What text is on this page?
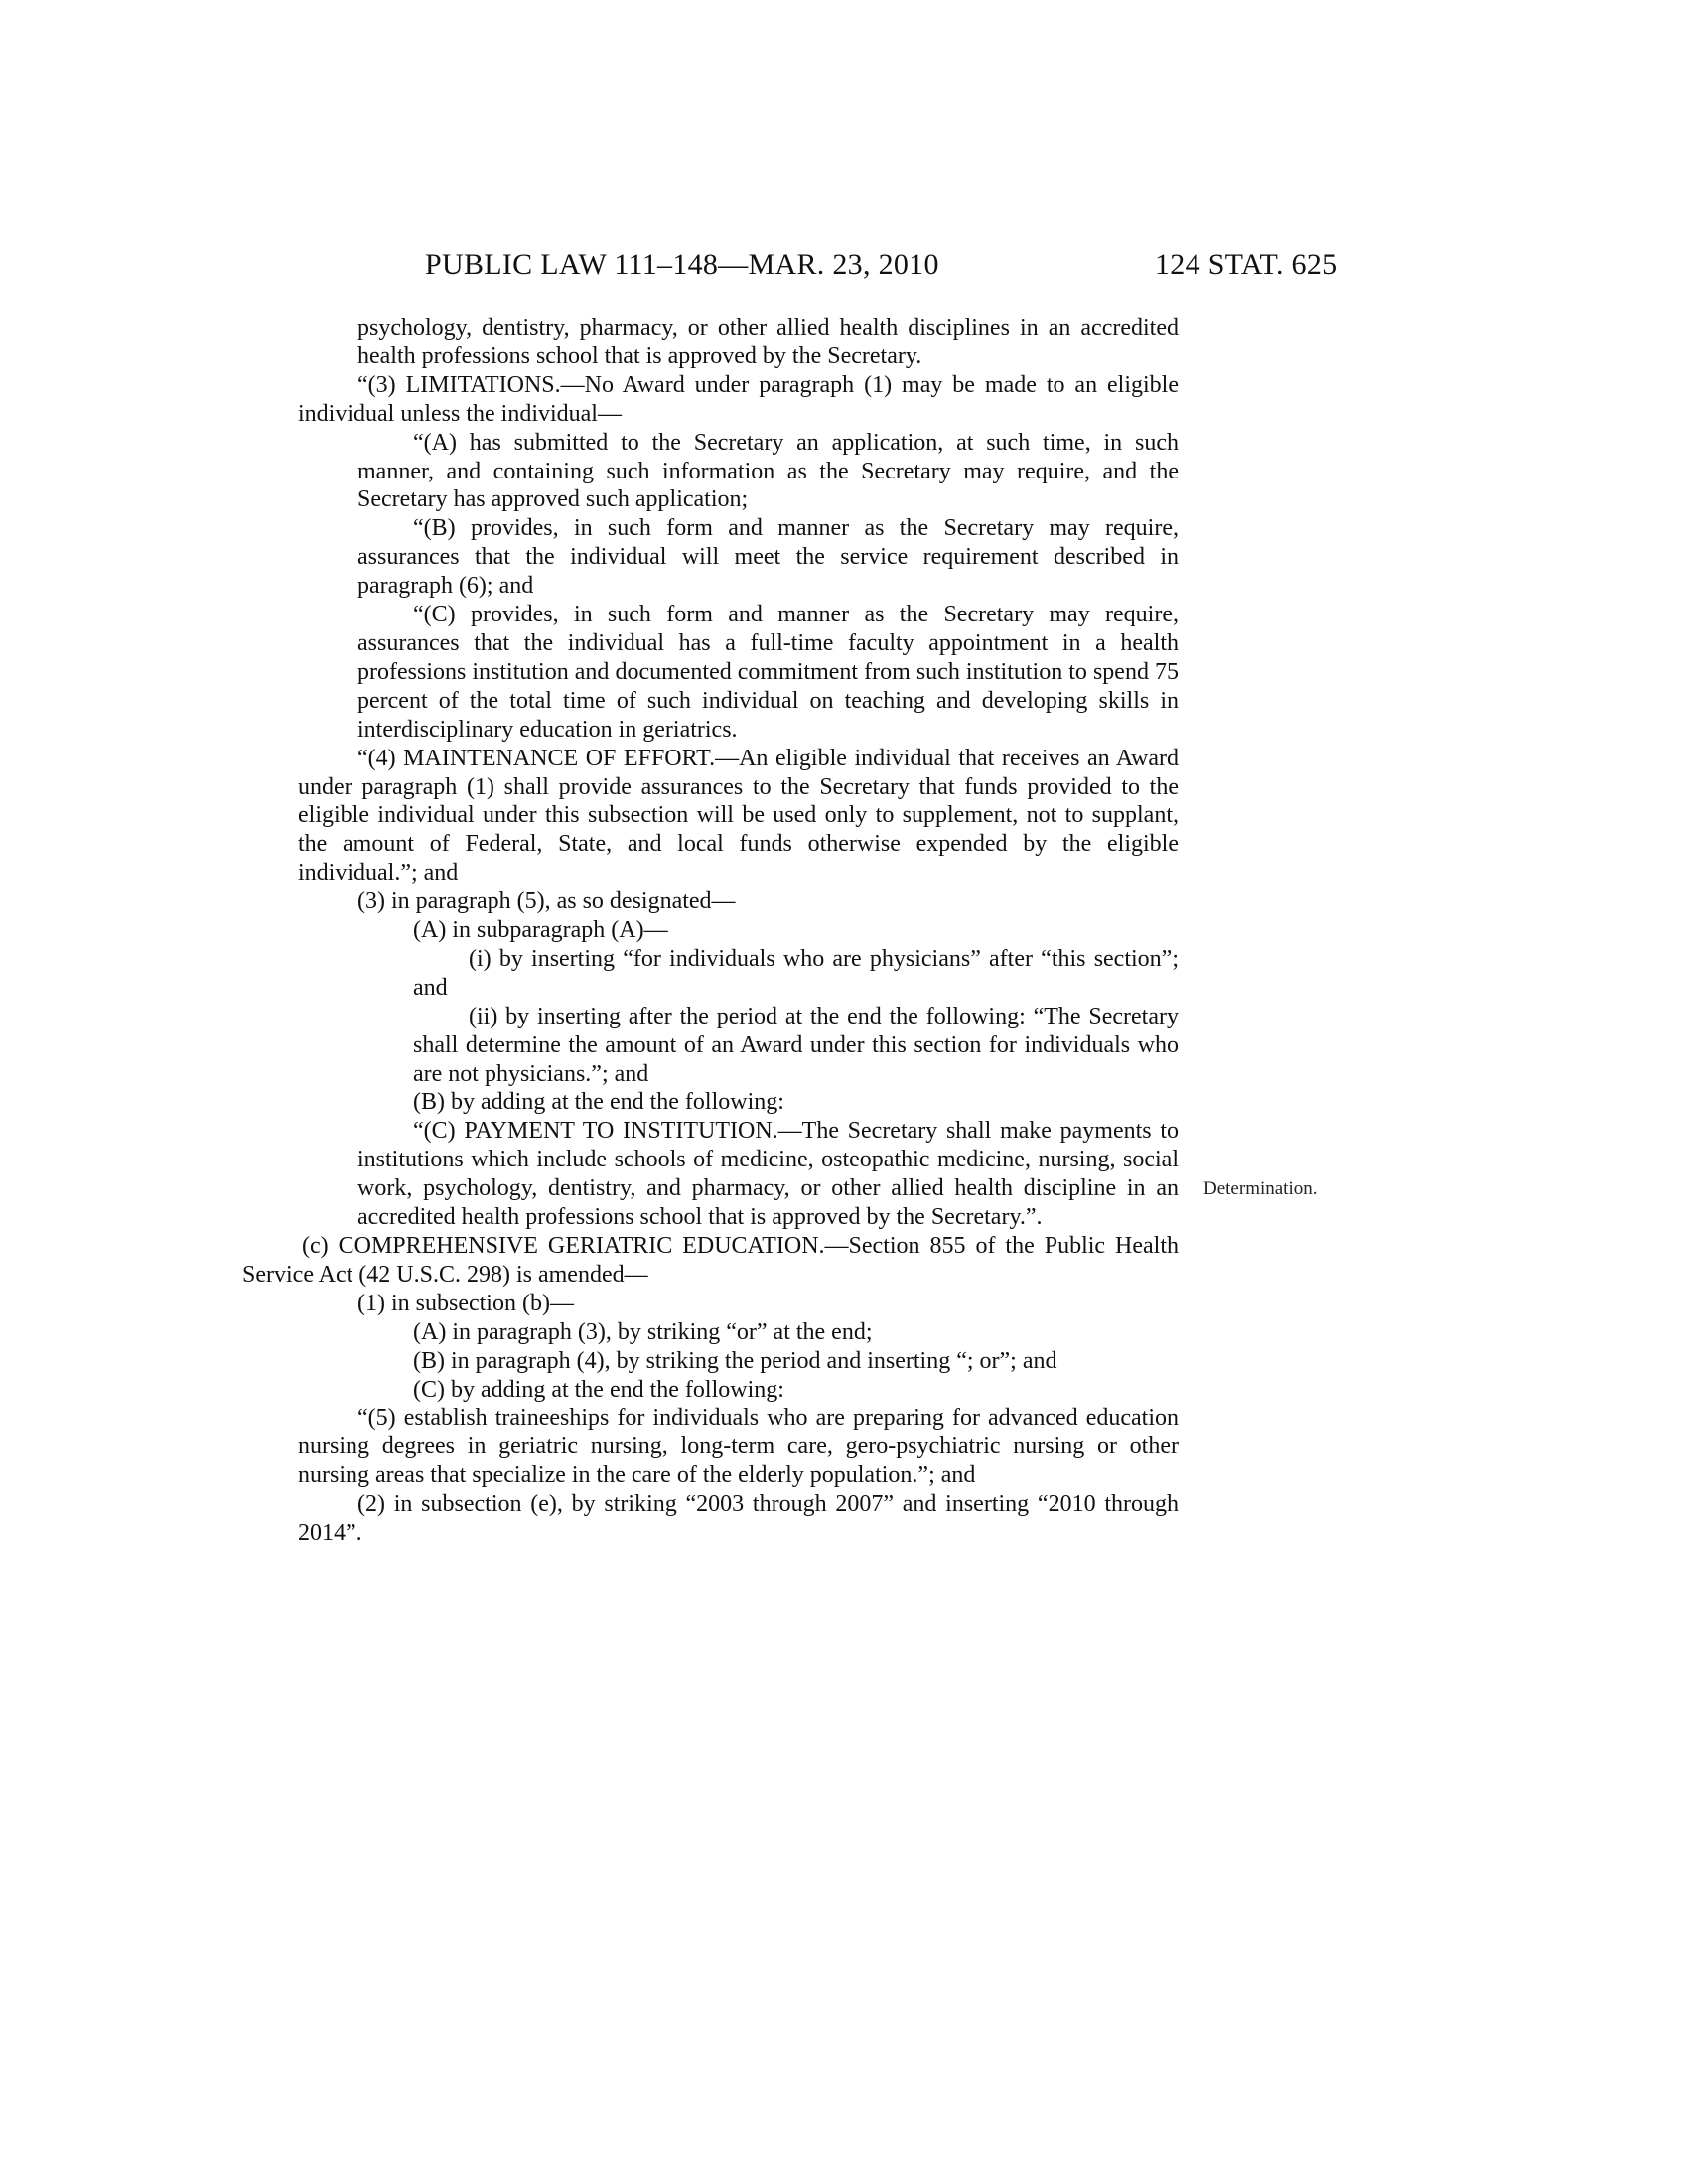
PUBLIC LAW 111–148—MAR. 23, 2010	124 STAT. 625

psychology, dentistry, pharmacy, or other allied health disciplines in an accredited health professions school that is approved by the Secretary.

“(3) LIMITATIONS.—No Award under paragraph (1) may be made to an eligible individual unless the individual—

“(A) has submitted to the Secretary an application, at such time, in such manner, and containing such information as the Secretary may require, and the Secretary has approved such application;

“(B) provides, in such form and manner as the Secretary may require, assurances that the individual will meet the service requirement described in paragraph (6); and

“(C) provides, in such form and manner as the Secretary may require, assurances that the individual has a full-time faculty appointment in a health professions institution and documented commitment from such institution to spend 75 percent of the total time of such individual on teaching and developing skills in interdisciplinary education in geriatrics.

“(4) MAINTENANCE OF EFFORT.—An eligible individual that receives an Award under paragraph (1) shall provide assurances to the Secretary that funds provided to the eligible individual under this subsection will be used only to supplement, not to supplant, the amount of Federal, State, and local funds otherwise expended by the eligible individual.”; and

(3) in paragraph (5), as so designated—

(A) in subparagraph (A)—

(i) by inserting “for individuals who are physicians” after “this section”; and

(ii) by inserting after the period at the end the following: “The Secretary shall determine the amount of an Award under this section for individuals who are not physicians.”; and

(B) by adding at the end the following:

“(C) PAYMENT TO INSTITUTION.—The Secretary shall make payments to institutions which include schools of medicine, osteopathic medicine, nursing, social work, psychology, dentistry, and pharmacy, or other allied health discipline in an accredited health professions school that is approved by the Secretary.”.

(c) COMPREHENSIVE GERIATRIC EDUCATION.—Section 855 of the Public Health Service Act (42 U.S.C. 298) is amended—

(1) in subsection (b)—

(A) in paragraph (3), by striking “or” at the end;

(B) in paragraph (4), by striking the period and inserting “; or”; and

(C) by adding at the end the following:

“(5) establish traineeships for individuals who are preparing for advanced education nursing degrees in geriatric nursing, long-term care, gero-psychiatric nursing or other nursing areas that specialize in the care of the elderly population.”; and

(2) in subsection (e), by striking “2003 through 2007” and inserting “2010 through 2014”.

Determination.
